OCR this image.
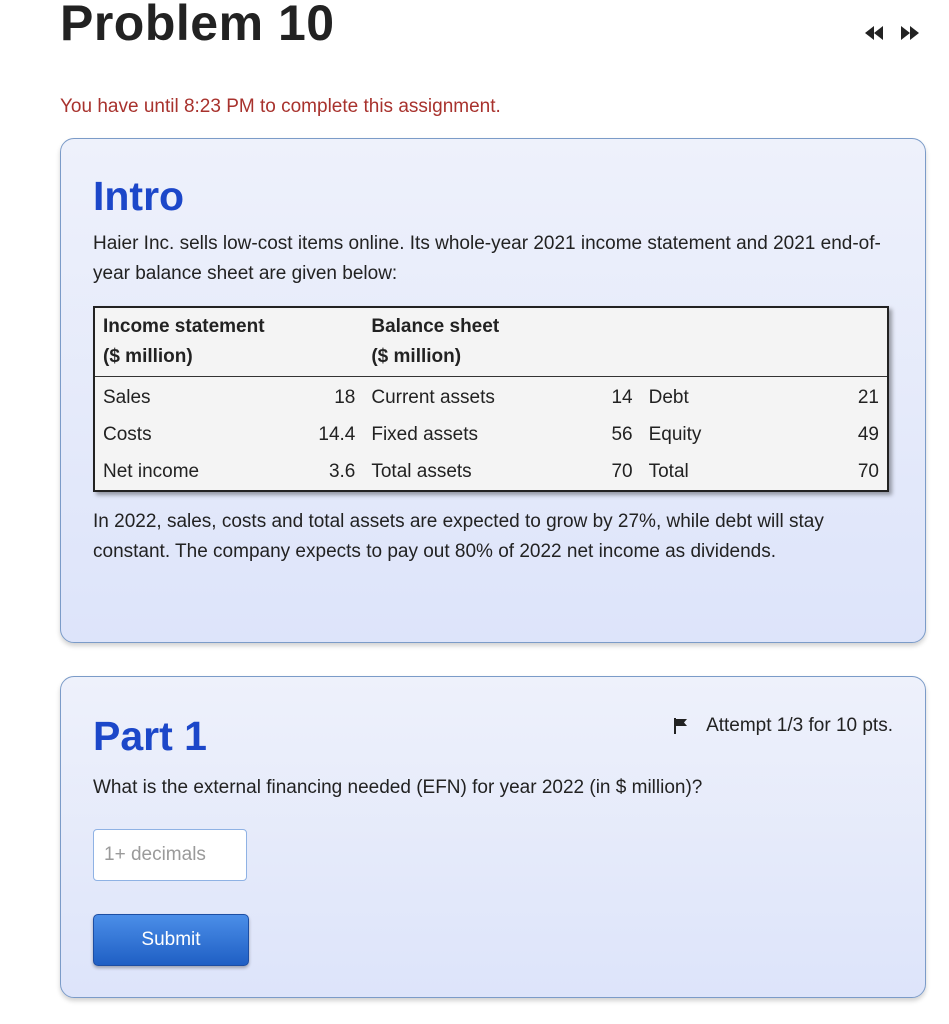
Problem 10
You have until 8:23 PM to complete this assignment.
Intro

Haier Inc. sells low-cost items online. Its whole-year 2021 income statement and 2021 end-of-year balance sheet are given below:

Income statement
($ million)		Balance sheet
($ million)			
Sales	18	Current assets	14	Debt	21
Costs	14.4	Fixed assets	56	Equity	49
Net income	3.6	Total assets	70	Total	70

In 2022, sales, costs and total assets are expected to grow by 27%, while debt will stay constant. The company expects to pay out 80% of 2022 net income as dividends.

Part 1	Attempt 1/3 for 10 pts.

What is the external financing needed (EFN) for year 2022 (in $ million)?

1+ decimals
Submit
